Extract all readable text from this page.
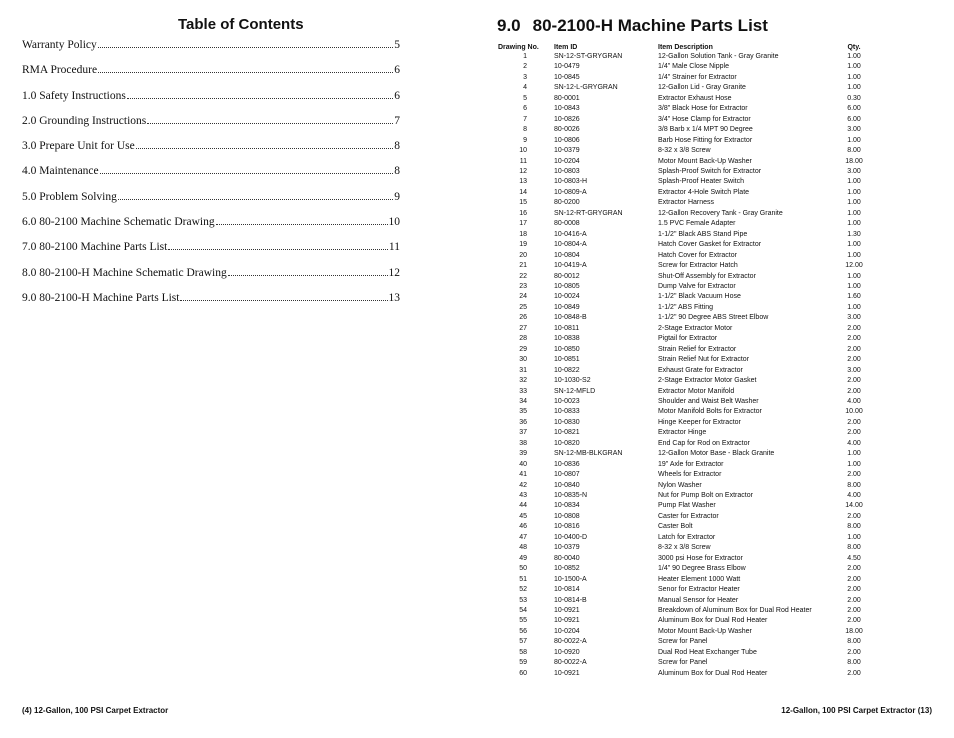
Table of Contents
Warranty Policy	5
RMA Procedure	6
1.0 Safety Instructions	6
2.0 Grounding Instructions	7
3.0 Prepare Unit for Use	8
4.0 Maintenance	8
5.0 Problem Solving	9
6.0 80-2100 Machine Schematic Drawing	10
7.0 80-2100 Machine Parts List	11
8.0 80-2100-H Machine Schematic Drawing	12
9.0 80-2100-H Machine Parts List	13
9.0 80-2100-H Machine Parts List
Drawing No.	Item ID	Item Description	Qty.
1	SN-12-ST-GRYGRAN	12-Gallon Solution Tank - Gray Granite	1.00
2	10-0479	1/4" Male Close Nipple	1.00
3	10-0845	1/4" Strainer for Extractor	1.00
4	SN-12-L-GRYGRAN	12-Gallon Lid - Gray Granite	1.00
5	80-0001	Extractor Exhaust Hose	0.30
6	10-0843	3/8" Black Hose for Extractor	6.00
7	10-0826	3/4" Hose Clamp for Extractor	6.00
8	80-0026	3/8 Barb x 1/4 MPT 90 Degree	3.00
9	10-0806	Barb Hose Fitting for Extractor	1.00
10	10-0379	8-32 x 3/8 Screw	8.00
11	10-0204	Motor Mount Back-Up Washer	18.00
12	10-0803	Splash-Proof Switch for Extractor	3.00
13	10-0803-H	Splash-Proof Heater Switch	1.00
14	10-0809-A	Extractor 4-Hole Switch Plate	1.00
15	80-0200	Extractor Harness	1.00
16	SN-12-RT-GRYGRAN	12-Gallon Recovery Tank - Gray Granite	1.00
17	80-0008	1.5 PVC Female Adapter	1.00
18	10-0416-A	1-1/2" Black ABS Stand Pipe	1.30
19	10-0804-A	Hatch Cover Gasket for Extractor	1.00
20	10-0804	Hatch Cover for Extractor	1.00
21	10-0419-A	Screw for Extractor Hatch	12.00
22	80-0012	Shut-Off Assembly for Extractor	1.00
23	10-0805	Dump Valve for Extractor	1.00
24	10-0024	1-1/2" Black Vacuum Hose	1.60
25	10-0849	1-1/2" ABS Fitting	1.00
26	10-0848-B	1-1/2" 90 Degree ABS Street Elbow	3.00
27	10-0811	2-Stage Extractor Motor	2.00
28	10-0838	Pigtail for Extractor	2.00
29	10-0850	Strain Relief for Extractor	2.00
30	10-0851	Strain Relief Nut for Extractor	2.00
31	10-0822	Exhaust Grate for Extractor	3.00
32	10-1030-S2	2-Stage Extractor Motor Gasket	2.00
33	SN-12-MFLD	Extractor Motor Manifold	2.00
34	10-0023	Shoulder and Waist Belt Washer	4.00
35	10-0833	Motor Manifold Bolts for Extractor	10.00
36	10-0830	Hinge Keeper for Extractor	2.00
37	10-0821	Extractor Hinge	2.00
38	10-0820	End Cap for Rod on Extractor	4.00
39	SN-12-MB-BLKGRAN	12-Gallon Motor Base - Black Granite	1.00
40	10-0836	19" Axle for Extractor	1.00
41	10-0807	Wheels for Extractor	2.00
42	10-0840	Nylon Washer	8.00
43	10-0835-N	Nut for Pump Bolt on Extractor	4.00
44	10-0834	Pump Flat Washer	14.00
45	10-0808	Caster for Extractor	2.00
46	10-0816	Caster Bolt	8.00
47	10-0400-D	Latch for Extractor	1.00
48	10-0379	8-32 x 3/8 Screw	8.00
49	80-0040	3000 psi Hose for Extractor	4.50
50	10-0852	1/4" 90 Degree Brass Elbow	2.00
51	10-1500-A	Heater Element 1000 Watt	2.00
52	10-0814	Senor for Extractor Heater	2.00
53	10-0814-B	Manual Sensor for Heater	2.00
54	10-0921	Breakdown of Aluminum Box for Dual Rod Heater	2.00
55	10-0921	Aluminum Box for Dual Rod Heater	2.00
56	10-0204	Motor Mount Back-Up Washer	18.00
57	80-0022-A	Screw for Panel	8.00
58	10-0920	Dual Rod Heat Exchanger Tube	2.00
59	80-0022-A	Screw for Panel	8.00
60	10-0921	Aluminum Box for Dual Rod Heater	2.00
(4) 12-Gallon, 100 PSI Carpet Extractor	12-Gallon, 100 PSI Carpet Extractor (13)
